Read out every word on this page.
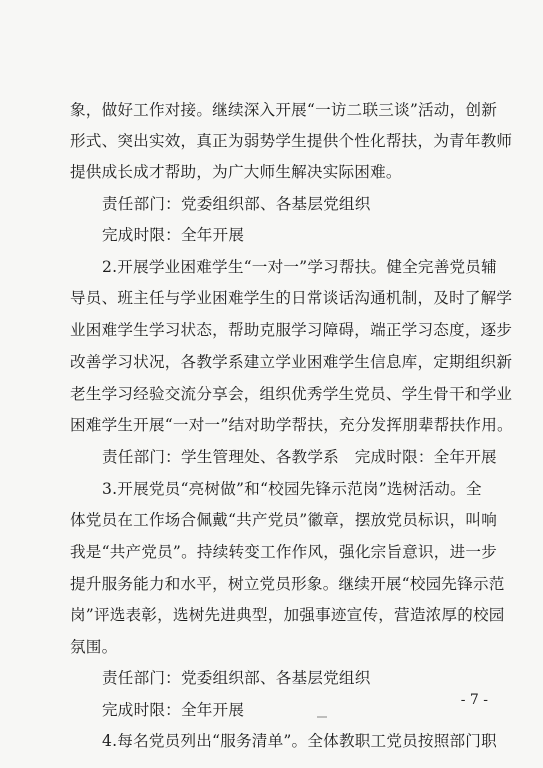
象，做好工作对接。继续深入开展“一访二联三谈”活动，创新
形式、突出实效，真正为弱势学生提供个性化帮扶，为青年教师
提供成长成才帮助，为广大师生解决实际困难。
责任部门：党委组织部、各基层党组织
完成时限：全年开展
2.开展学业困难学生“一对一”学习帮扶。健全完善党员辅
导员、班主任与学业困难学生的日常谈话沟通机制，及时了解学
业困难学生学习状态，帮助克服学习障碍，端正学习态度，逐步
改善学习状况，各教学系建立学业困难学生信息库，定期组织新
老生学习经验交流分享会，组织优秀学生党员、学生骨干和学业
困难学生开展“一对一”结对助学帮扶，充分发挥朋辈帮扶作用。
责任部门：学生管理处、各教学系　完成时限：全年开展
3.开展党员“亮树做”和“校园先锋示范岗”选树活动。全
体党员在工作场合佩戴“共产党员”徽章，摆放党员标识，叫响
我是“共产党员”。持续转变工作作风，强化宗旨意识，进一步
提升服务能力和水平，树立党员形象。继续开展“校园先锋示范
岗”评选表彰，选树先进典型，加强事迹宣传，营造浓厚的校园
氛围。
责任部门：党委组织部、各基层党组织
完成时限：全年开展
4.每名党员列出“服务清单”。全体教职工党员按照部门职
- 7 -
